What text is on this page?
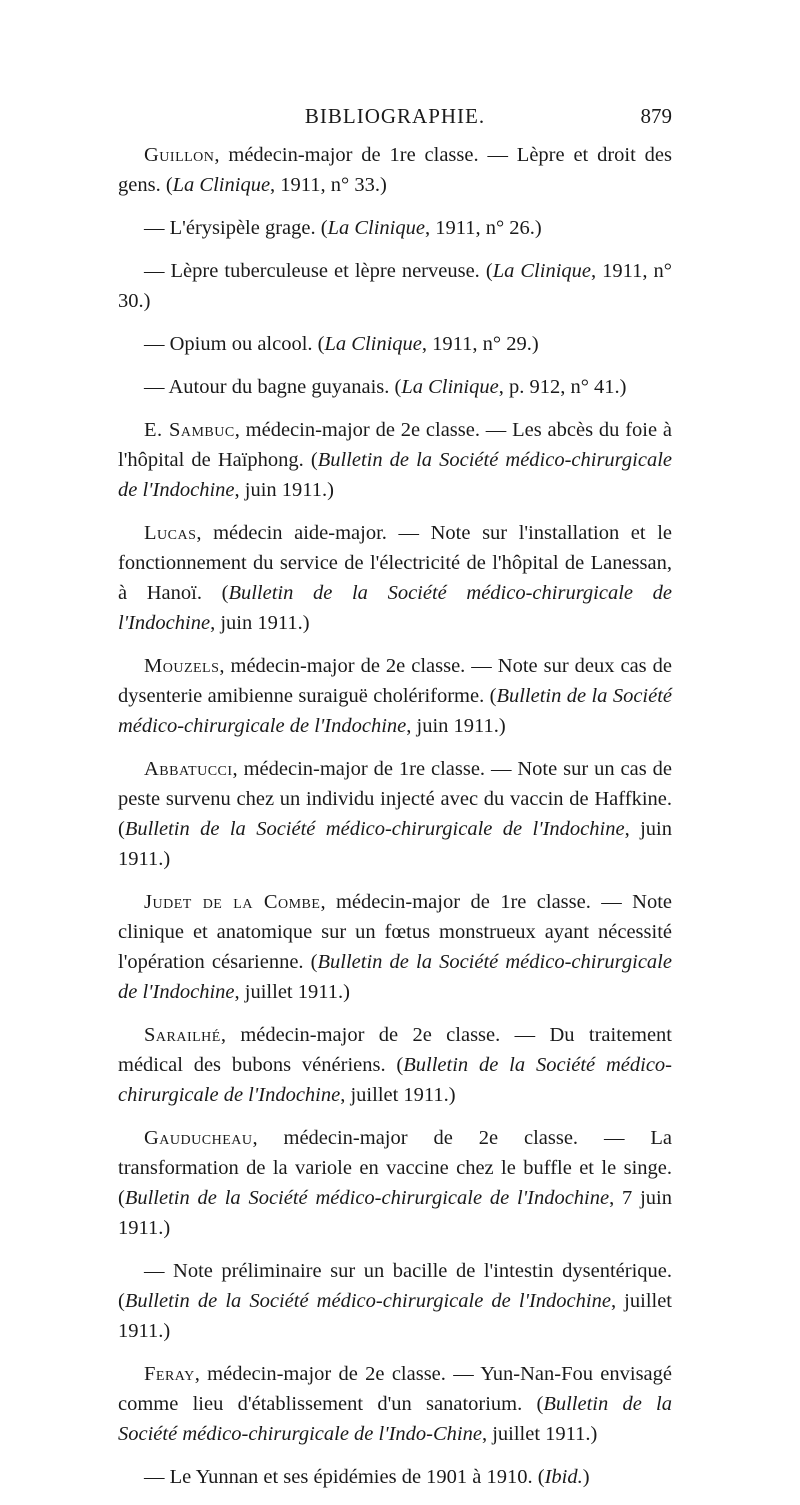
BIBLIOGRAPHIE.	879

Guillon, médecin-major de 1re classe. — Lèpre et droit des gens. (La Clinique, 1911, n° 33.)

— L'érysipèle grage. (La Clinique, 1911, n° 26.)

— Lèpre tuberculeuse et lèpre nerveuse. (La Clinique, 1911, n° 30.)

— Opium ou alcool. (La Clinique, 1911, n° 29.)

— Autour du bagne guyanais. (La Clinique, p. 912, n° 41.)

E. Sambuc, médecin-major de 2e classe. — Les abcès du foie à l'hôpital de Haïphong. (Bulletin de la Société médico-chirurgicale de l'Indochine, juin 1911.)

Lucas, médecin aide-major. — Note sur l'installation et le fonctionnement du service de l'électricité de l'hôpital de Lanessan, à Hanoï. (Bulletin de la Société médico-chirurgicale de l'Indochine, juin 1911.)

Mouzels, médecin-major de 2e classe. — Note sur deux cas de dysenterie amibienne suraiguë cholériforme. (Bulletin de la Société médico-chirurgicale de l'Indochine, juin 1911.)

Abbatucci, médecin-major de 1re classe. — Note sur un cas de peste survenu chez un individu injecté avec du vaccin de Haffkine. (Bulletin de la Société médico-chirurgicale de l'Indochine, juin 1911.)

Judet de la Combe, médecin-major de 1re classe. — Note clinique et anatomique sur un fœtus monstrueux ayant nécessité l'opération césarienne. (Bulletin de la Société médico-chirurgicale de l'Indochine, juillet 1911.)

Sarailhé, médecin-major de 2e classe. — Du traitement médical des bubons vénériens. (Bulletin de la Société médico-chirurgicale de l'Indochine, juillet 1911.)

Gauducheau, médecin-major de 2e classe. — La transformation de la variole en vaccine chez le buffle et le singe. (Bulletin de la Société médico-chirurgicale de l'Indochine, 7 juin 1911.)

— Note préliminaire sur un bacille de l'intestin dysentérique. (Bulletin de la Société médico-chirurgicale de l'Indochine, juillet 1911.)

Feray, médecin-major de 2e classe. — Yun-Nan-Fou envisagé comme lieu d'établissement d'un sanatorium. (Bulletin de la Société médico-chirurgicale de l'Indo-Chine, juillet 1911.)

— Le Yunnan et ses épidémies de 1901 à 1910. (Ibid.)
